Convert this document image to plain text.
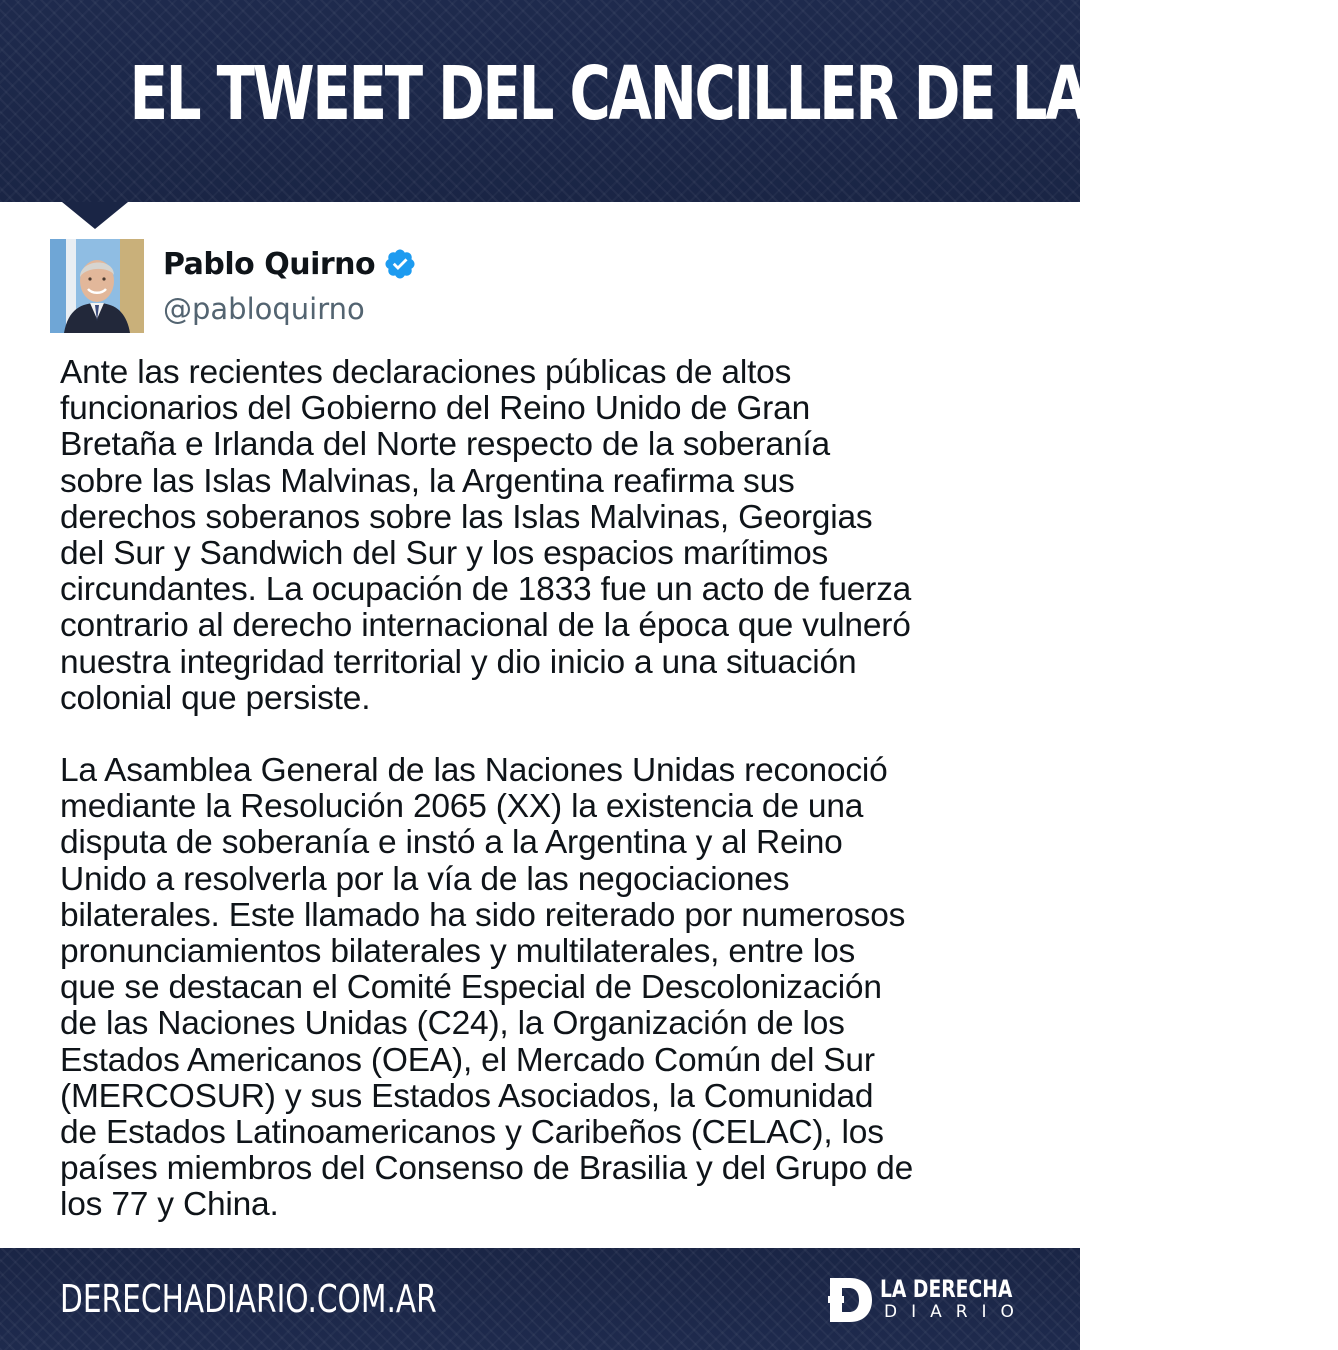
EL TWEET DEL CANCILLER DE LA NACIÓN
Pablo Quirno
@pabloquirno

Ante las recientes declaraciones públicas de altos
funcionarios del Gobierno del Reino Unido de Gran
Bretaña e Irlanda del Norte respecto de la soberanía
sobre las Islas Malvinas, la Argentina reafirma sus
derechos soberanos sobre las Islas Malvinas, Georgias
del Sur y Sandwich del Sur y los espacios marítimos
circundantes. La ocupación de 1833 fue un acto de fuerza
contrario al derecho internacional de la época que vulneró
nuestra integridad territorial y dio inicio a una situación
colonial que persiste.

La Asamblea General de las Naciones Unidas reconoció
mediante la Resolución 2065 (XX) la existencia de una
disputa de soberanía e instó a la Argentina y al Reino
Unido a resolverla por la vía de las negociaciones
bilaterales. Este llamado ha sido reiterado por numerosos
pronunciamientos bilaterales y multilaterales, entre los
que se destacan el Comité Especial de Descolonización
de las Naciones Unidas (C24), la Organización de los
Estados Americanos (OEA), el Mercado Común del Sur
(MERCOSUR) y sus Estados Asociados, la Comunidad
de Estados Latinoamericanos y Caribeños (CELAC), los
países miembros del Consenso de Brasilia y del Grupo de
los 77 y China.

DERECHADIARIO.COM.AR	LA DERECHA
DIARIO
